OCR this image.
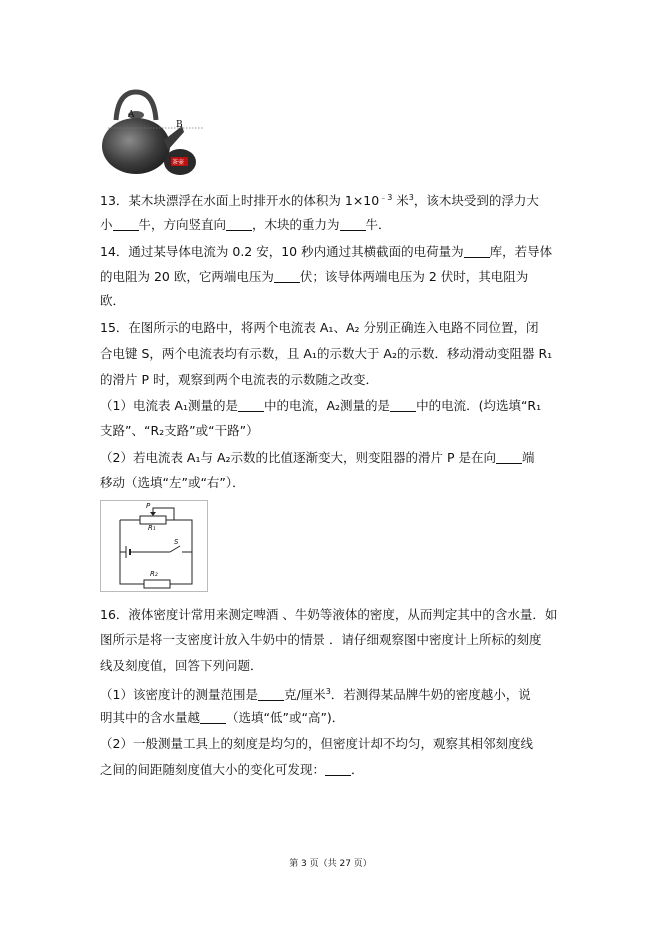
A
B
茶壶
13．某木块漂浮在水面上时排开水的体积为 $1\times 10^{﹣3}$ 米$^3$，该木块受到的浮力大
小 牛，方向竖直向 ，木块的重力为 牛．
14．通过某导体电流为 0.2 安，10 秒内通过其横截面的电荷量为 库，若导体
的电阻为 20 欧，它两端电压为 伏；该导体两端电压为 2 伏时，其电阻为
欧．
15．在图所示的电路中，将两个电流表 A₁、A₂ 分别正确连入电路不同位置，闭
合电键 S，两个电流表均有示数，且 A₁的示数大于 A₂的示数．移动滑动变阻器 R₁
的滑片 P 时，观察到两个电流表的示数随之改变．
（1）电流表 A₁测量的是 中的电流，A₂测量的是 中的电流．(均选填“R₁
支路”、“R₂支路”或“干路”）
（2）若电流表 A₁与 A₂示数的比值逐渐变大，则变阻器的滑片 P 是在向 端
移动（选填“左”或“右”）．
P
R₁
S
R₂
16．液体密度计常用来测定啤酒 、牛奶等液体的密度，从而判定其中的含水量．如
图所示是将一支密度计放入牛奶中的情景 ．请仔细观察图中密度计上所标的刻度
线及刻度值，回答下列问题．
（1）该密度计的测量范围是 克/厘米$^3$．若测得某品牌牛奶的密度越小，说
明其中的含水量越 （选填“低”或“高”)．
（2）一般测量工具上的刻度是均匀的，但密度计却不均匀，观察其相邻刻度线
之间的间距随刻度值大小的变化可发现： ．
第 3 页（共 27 页）
